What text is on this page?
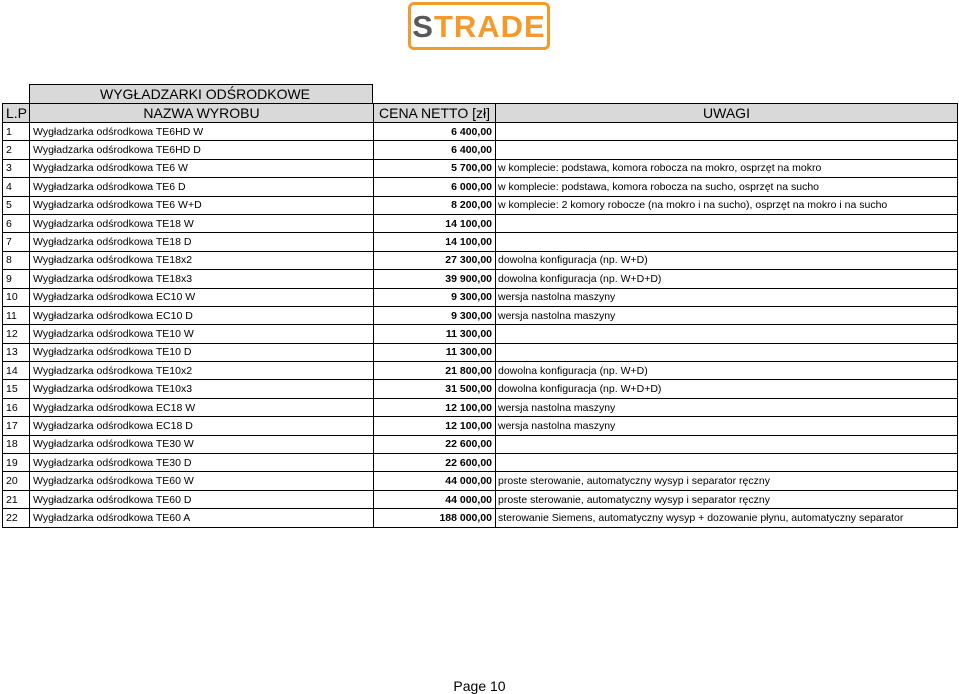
STRADE
WYGŁADZARKI ODŚRODKOWE
L.P	NAZWA WYROBU	CENA NETTO [zł]	UWAGI
1	Wygładzarka odśrodkowa TE6HD W	6 400,00	
2	Wygładzarka odśrodkowa TE6HD D	6 400,00	
3	Wygładzarka odśrodkowa TE6 W	5 700,00	w komplecie: podstawa, komora robocza na mokro, osprzęt na mokro
4	Wygładzarka odśrodkowa TE6 D	6 000,00	w komplecie: podstawa, komora robocza na sucho, osprzęt na sucho
5	Wygładzarka odśrodkowa TE6 W+D	8 200,00	w komplecie: 2 komory robocze (na mokro i na sucho), osprzęt na mokro i na sucho
6	Wygładzarka odśrodkowa TE18 W	14 100,00	
7	Wygładzarka odśrodkowa TE18 D	14 100,00	
8	Wygładzarka odśrodkowa TE18x2	27 300,00	dowolna konfiguracja (np. W+D)
9	Wygładzarka odśrodkowa TE18x3	39 900,00	dowolna konfiguracja (np. W+D+D)
10	Wygładzarka odśrodkowa EC10 W	9 300,00	wersja nastolna maszyny
11	Wygładzarka odśrodkowa EC10 D	9 300,00	wersja nastolna maszyny
12	Wygładzarka odśrodkowa TE10 W	11 300,00	
13	Wygładzarka odśrodkowa TE10 D	11 300,00	
14	Wygładzarka odśrodkowa TE10x2	21 800,00	dowolna konfiguracja (np. W+D)
15	Wygładzarka odśrodkowa TE10x3	31 500,00	dowolna konfiguracja (np. W+D+D)
16	Wygładzarka odśrodkowa EC18 W	12 100,00	wersja nastolna maszyny
17	Wygładzarka odśrodkowa EC18 D	12 100,00	wersja nastolna maszyny
18	Wygładzarka odśrodkowa TE30 W	22 600,00	
19	Wygładzarka odśrodkowa TE30 D	22 600,00	
20	Wygładzarka odśrodkowa TE60 W	44 000,00	proste sterowanie, automatyczny wysyp i separator ręczny
21	Wygładzarka odśrodkowa TE60 D	44 000,00	proste sterowanie, automatyczny wysyp i separator ręczny
22	Wygładzarka odśrodkowa TE60 A	188 000,00	sterowanie Siemens, automatyczny wysyp + dozowanie płynu, automatyczny separator
Page 10
